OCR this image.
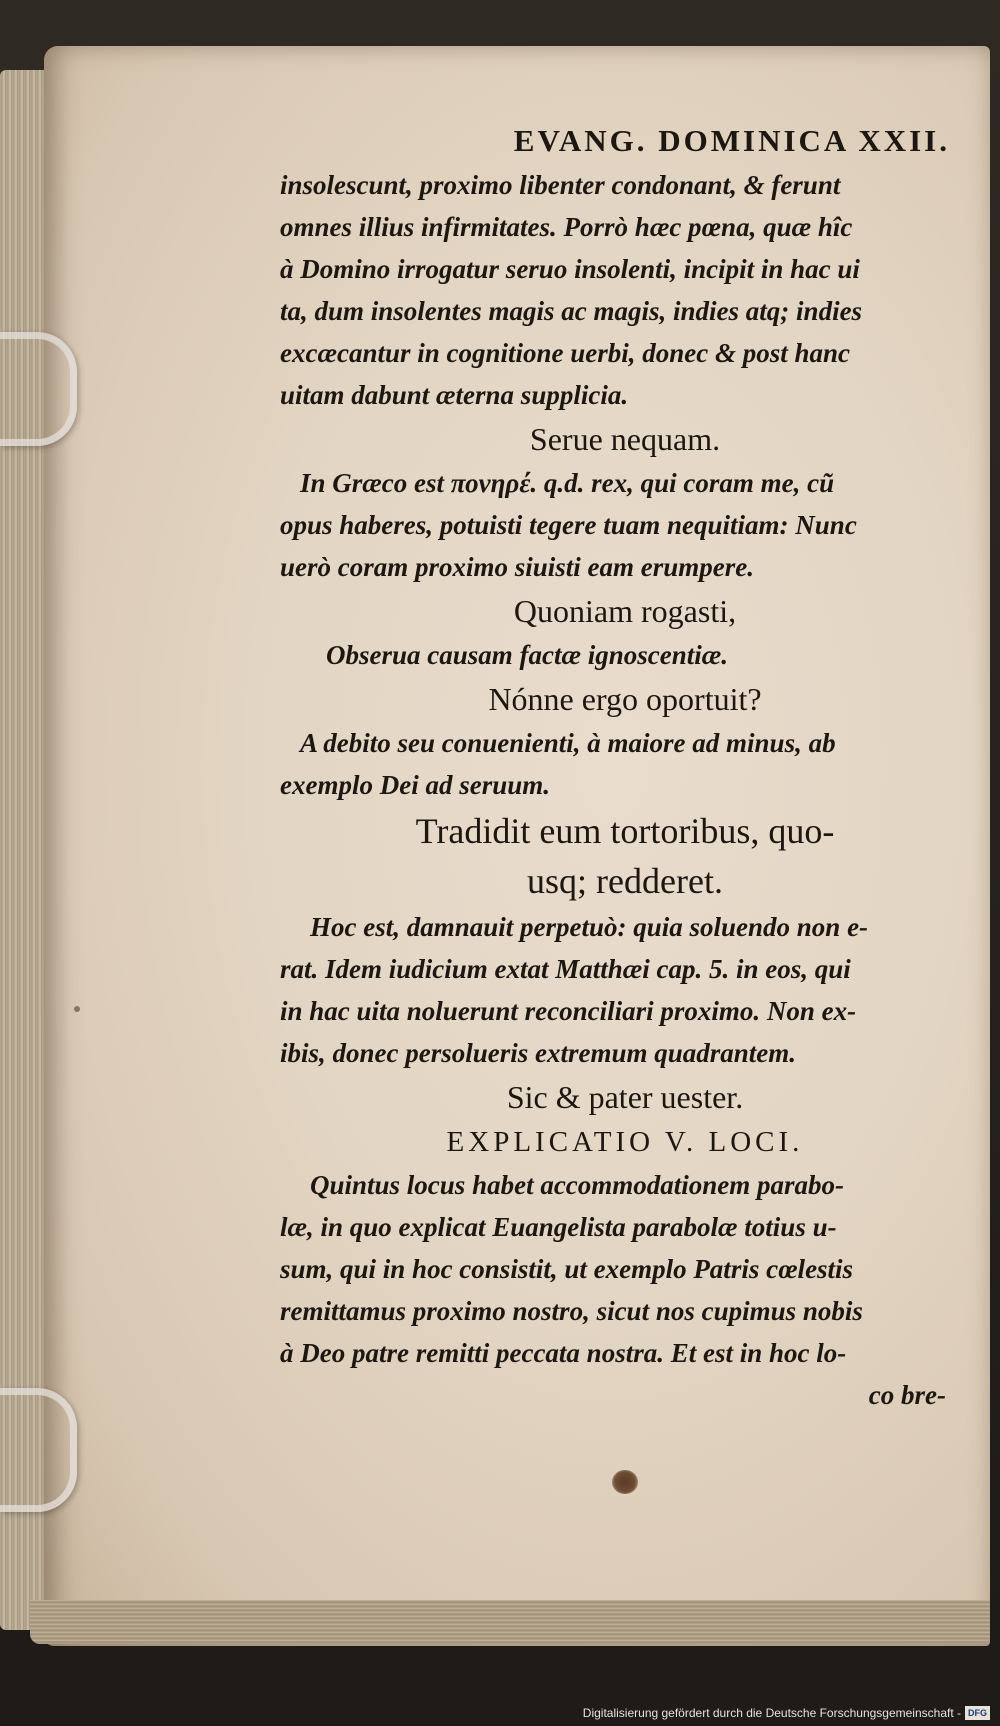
EVANG. DOMINICA XXII.
insolescunt, proximo libenter condonant, & ferunt
omnes illius infirmitates. Porrò hæc pœna, quæ hîc
à Domino irrogatur seruo insolenti, incipit in hac ui
ta, dum insolentes magis ac magis, indies atq; indies
excæcantur in cognitione uerbi, donec & post hanc
uitam dabunt æterna supplicia.
Serue nequam.
In Græco est πονηρέ. q.d. rex, qui coram me, cũ
opus haberes, potuisti tegere tuam nequitiam: Nunc
uerò coram proximo siuisti eam erumpere.
Quoniam rogasti,
Obserua causam factæ ignoscentiæ.
Nónne ergo oportuit?
A debito seu conuenienti, à maiore ad minus, ab
exemplo Dei ad seruum.
Tradidit eum tortoribus, quo-
usq; redderet.
Hoc est, damnauit perpetuò: quia soluendo non e-
rat. Idem iudicium extat Matthæi cap. 5. in eos, qui
in hac uita noluerunt reconciliari proximo. Non ex-
ibis, donec persolueris extremum quadrantem.
Sic & pater uester.
EXPLICATIO V. LOCI.
Quintus locus habet accommodationem parabo-
læ, in quo explicat Euangelista parabolæ totius u-
sum, qui in hoc consistit, ut exemplo Patris cœlestis
remittamus proximo nostro, sicut nos cupimus nobis
à Deo patre remitti peccata nostra. Et est in hoc lo-
co bre-
Digitalisierung gefördert durch die Deutsche Forschungsgemeinschaft - DFG
